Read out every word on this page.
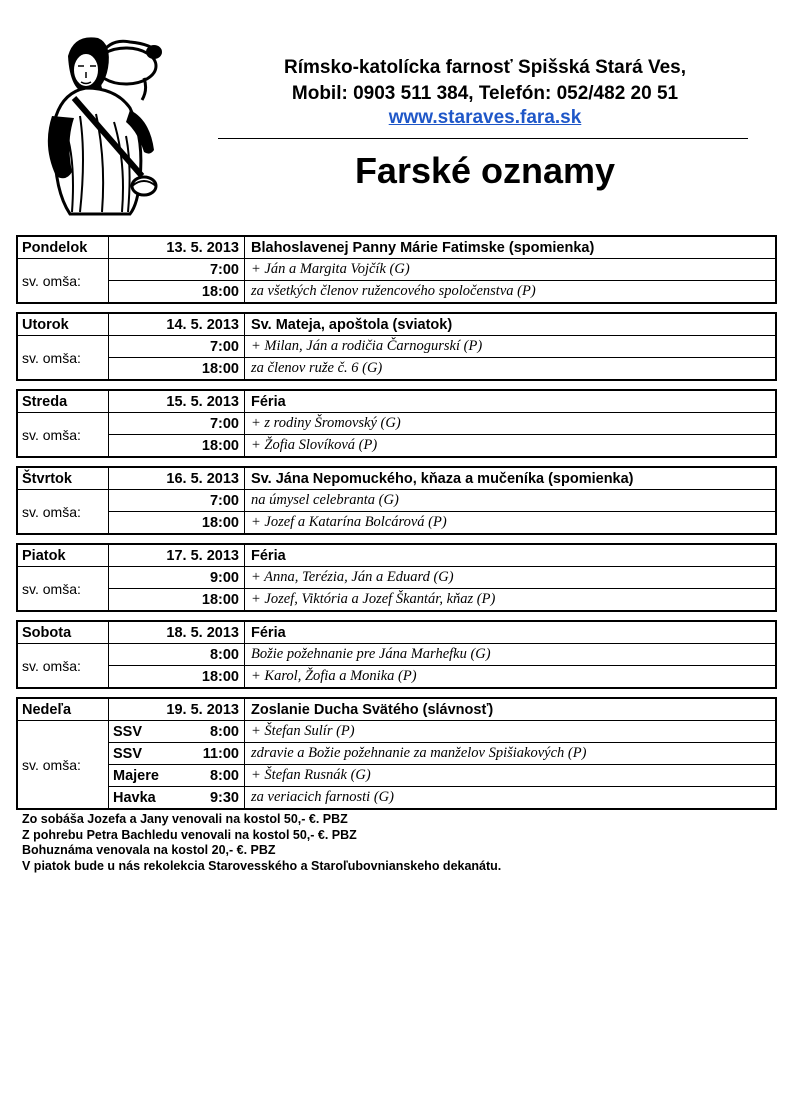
Rímsko-katolícka farnosť Spišská Stará Ves,
Mobil: 0903 511 384, Telefón: 052/482 20 51
www.staraves.fara.sk
Farské oznamy
Pondelok	13. 5. 2013 Blahoslavenej Panny Márie Fatimske (spomienka)
sv. omša:
7:00 + Ján a Margita Vojčík (G)
18:00 za všetkých členov ružencového spoločenstva (P)
Utorok	14. 5. 2013 Sv. Mateja, apoštola (sviatok)
sv. omša:
7:00 + Milan, Ján a rodičia Čarnogurskí (P)
18:00 za členov ruže č. 6 (G)
Streda	15. 5. 2013 Féria
sv. omša:
7:00 + z rodiny Šromovský (G)
18:00 + Žofia Slovíková (P)
Štvrtok	16. 5. 2013 Sv. Jána Nepomuckého, kňaza a mučeníka (spomienka)
sv. omša:
7:00 na úmysel celebranta (G)
18:00 + Jozef a Katarína Bolcárová (P)
Piatok	17. 5. 2013 Féria
sv. omša:
9:00 + Anna, Terézia, Ján a Eduard (G)
18:00 + Jozef, Viktória a Jozef Škantár, kňaz (P)
Sobota	18. 5. 2013 Féria
sv. omša:
8:00 Božie požehnanie pre Jána Marhefku (G)
18:00 + Karol, Žofia a Monika (P)
Nedeľa	19. 5. 2013 Zoslanie Ducha Svätého (slávnosť)
sv. omša:
SSV	8:00 + Štefan Sulír (P)
SSV	11:00 zdravie a Božie požehnanie za manželov Spišiakových (P)
Majere	8:00 + Štefan Rusnák (G)
Havka	9:30 za veriacich farnosti (G)
Zo sobáša Jozefa a Jany venovali na kostol 50,- €. PBZ
Z pohrebu Petra Bachledu venovali na kostol 50,- €. PBZ
Bohuznáma venovala na kostol 20,- €. PBZ
V piatok bude u nás rekolekcia Starovesského a Staroľubovnianskeho dekanátu.
